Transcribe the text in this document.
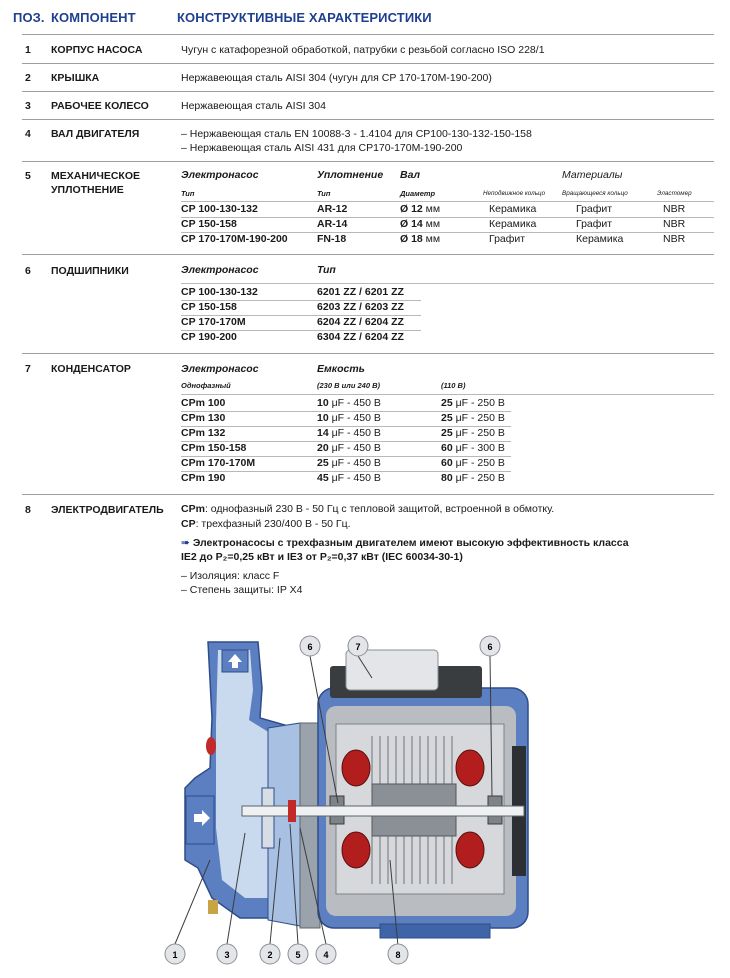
ПОЗ. КОМПОНЕНТ	КОНСТРУКТИВНЫЕ ХАРАКТЕРИСТИКИ
1 КОРПУС НАСОСА	Чугун с катафорезной обработкой, патрубки с резьбой согласно ISO 228/1
2 КРЫШКА	Нержавеющая сталь AISI 304 (чугун для CP 170-170M-190-200)
3 РАБОЧЕЕ КОЛЕСО	Нержавеющая сталь AISI 304
4 ВАЛ ДВИГАТЕЛЯ	– Нержавеющая сталь EN 10088-3 - 1.4104 для CP100-130-132-150-158
– Нержавеющая сталь AISI 431 для CP170-170M-190-200
5 МЕХАНИЧЕСКОЕ
УПЛОТНЕНИЕ
Электронасос	Уплотнение Вал	Материалы
Тип	Тип	Диаметр	Неподвижное кольцо	Вращающееся кольцо	Эластомер
CP 100-130-132	AR-12	Ø 12 мм	Керамика	Графит	NBR
CP 150-158	AR-14	Ø 14 мм	Керамика	Графит	NBR
CP 170-170M-190-200	FN-18	Ø 18 мм	Графит	Керамика	NBR
6 ПОДШИПНИКИ	Электронасос	Тип
CP 100-130-132	6201 ZZ / 6201 ZZ
CP 150-158	6203 ZZ / 6203 ZZ
CP 170-170M	6204 ZZ / 6204 ZZ
CP 190-200	6304 ZZ / 6204 ZZ
7 КОНДЕНСАТОР	Электронасос	Емкость
Однофазный	(230 В или 240 В)	(110 В)
CPm 100	10 μF - 450 В	25 μF - 250 В
CPm 130	10 μF - 450 В	25 μF - 250 В
CPm 132	14 μF - 450 В	25 μF - 250 В
CPm 150-158	20 μF - 450 В	60 μF - 300 В
CPm 170-170M	25 μF - 450 В	60 μF - 250 В
CPm 190	45 μF - 450 В	80 μF - 250 В
8 ЭЛЕКТРОДВИГАТЕЛЬ CPm: однофазный 230 В - 50 Гц с тепловой защитой, встроенной в обмотку.
CP: трехфазный 230/400 В - 50 Гц.
➠ Электронасосы с трехфазным двигателем имеют высокую эффективность класса
IE2 до P₂=0,25 кВт и IE3 от P₂=0,37 кВт (IEC 60034-30-1)
– Изоляция: класс F
– Степень защиты: IP X4
1	3	2	5	4	8
6	7	6
